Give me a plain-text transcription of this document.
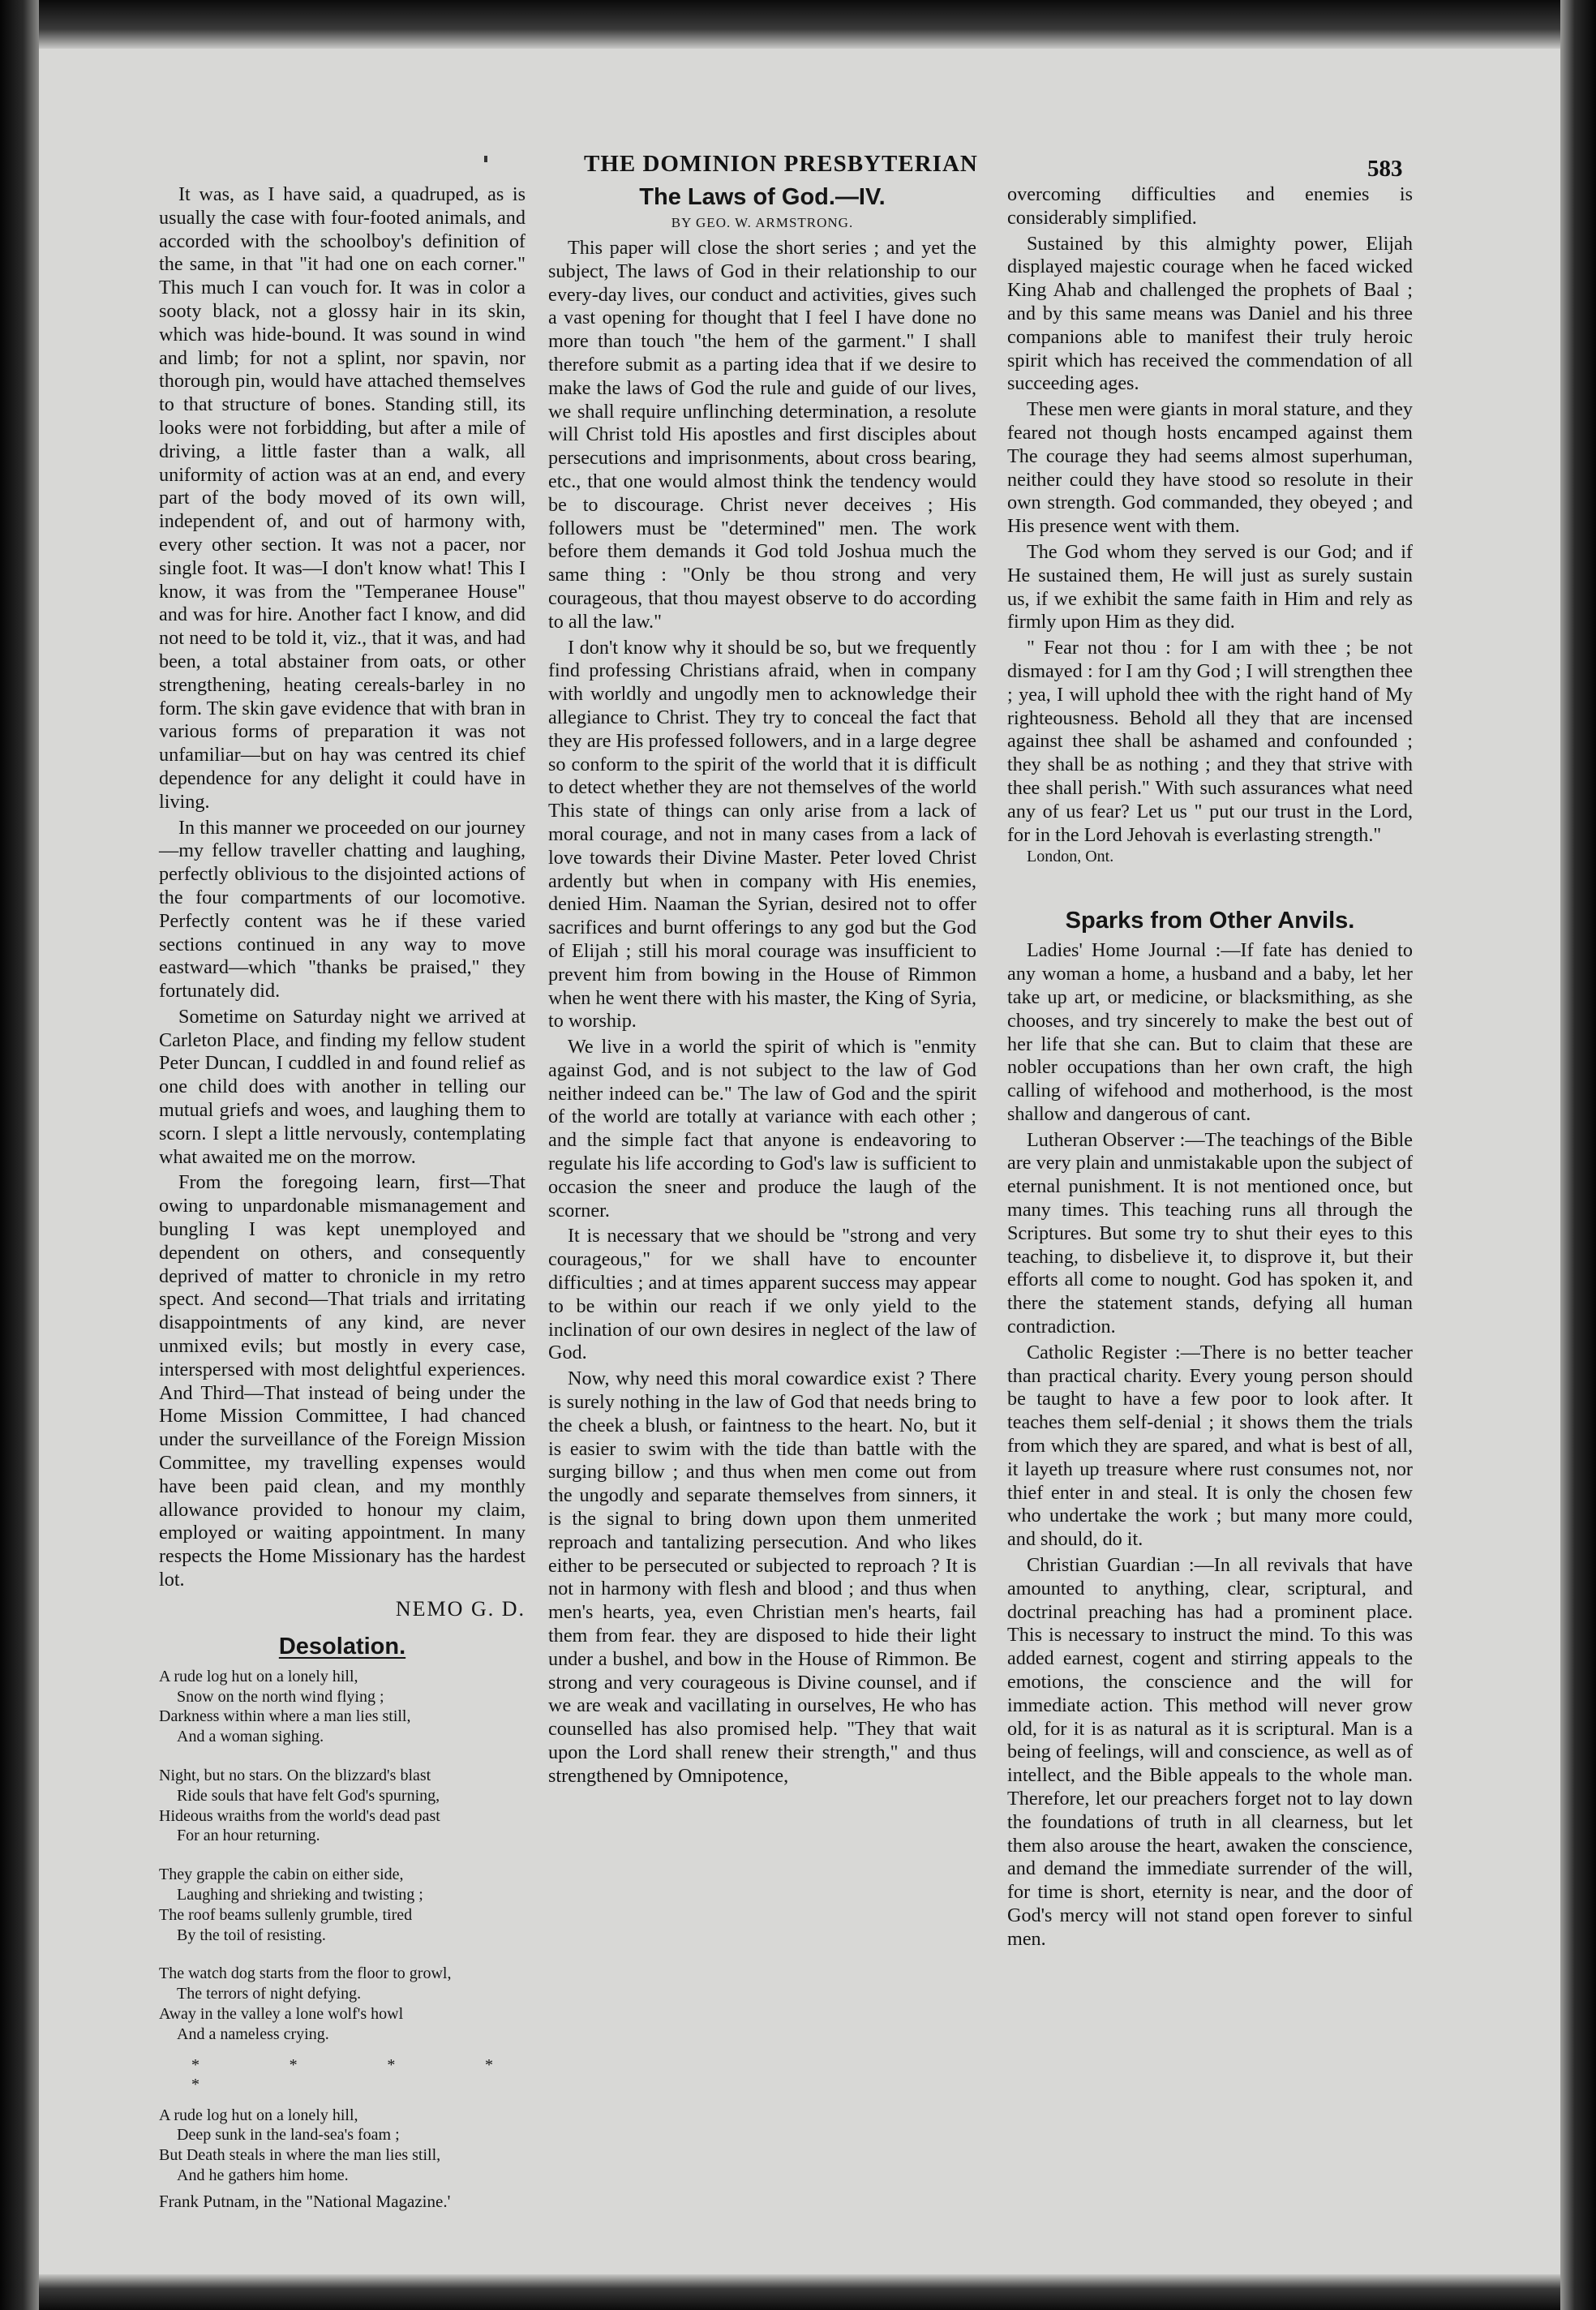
THE DOMINION PRESBYTERIAN	583

It was, as I have said, a quadruped, as is usually the case with four-footed animals, and accorded with the schoolboy's definition of the same, in that "it had one on each corner." This much I can vouch for. It was in color a sooty black, not a glossy hair in its skin, which was hide-bound. It was sound in wind and limb; for not a splint, nor spavin, nor thorough pin, would have attached themselves to that structure of bones. Standing still, its looks were not forbidding, but after a mile of driving, a little faster than a walk, all uniformity of action was at an end, and every part of the body moved of its own will, independent of, and out of harmony with, every other section. It was not a pacer, nor single foot. It was—I don't know what! This I know, it was from the "Temperanee House" and was for hire. Another fact I know, and did not need to be told it, viz., that it was, and had been, a total abstainer from oats, or other strengthening, heating cereals-barley in no form. The skin gave evidence that with bran in various forms of preparation it was not unfamiliar—but on hay was centred its chief dependence for any delight it could have in living.

In this manner we proceeded on our journey—my fellow traveller chatting and laughing, perfectly oblivious to the disjointed actions of the four compartments of our locomotive. Perfectly content was he if these varied sections continued in any way to move eastward—which "thanks be praised," they fortunately did.

Sometime on Saturday night we arrived at Carleton Place, and finding my fellow student Peter Duncan, I cuddled in and found relief as one child does with another in telling our mutual griefs and woes, and laughing them to scorn. I slept a little nervously, contemplating what awaited me on the morrow.

From the foregoing learn, first—That owing to unpardonable mismanagement and bungling I was kept unemployed and dependent on others, and consequently deprived of matter to chronicle in my retro spect. And second—That trials and irritating disappointments of any kind, are never unmixed evils; but mostly in every case, interspersed with most delightful experiences. And Third—That instead of being under the Home Mission Committee, I had chanced under the surveillance of the Foreign Mission Committee, my travelling expenses would have been paid clean, and my monthly allowance provided to honour my claim, employed or waiting appointment. In many respects the Home Missionary has the hardest lot.

NEMO G. D.
Desolation.
A rude log hut on a lonely hill,
Snow on the north wind flying ;
Darkness within where a man lies still,
And a woman sighing.
Night, but no stars. On the blizzard's blast
Ride souls that have felt God's spurning,
Hideous wraiths from the world's dead past
For an hour returning.
They grapple the cabin on either side,
Laughing and shrieking and twisting ;
The roof beams sullenly grumble, tired
By the toil of resisting.
The watch dog starts from the floor to growl,
The terrors of night defying.
Away in the valley a lone wolf's howl
And a nameless crying.
* * * * *
A rude log hut on a lonely hill,
Deep sunk in the land-sea's foam ;
But Death steals in where the man lies still,
And he gathers him home.
Frank Putnam, in the "National Magazine.'
The Laws of God.—IV.
BY GEO. W. ARMSTRONG.

This paper will close the short series ; and yet the subject, The laws of God in their relationship to our every-day lives, our conduct and activities, gives such a vast opening for thought that I feel I have done no more than touch "the hem of the garment." I shall therefore submit as a parting idea that if we desire to make the laws of God the rule and guide of our lives, we shall require unflinching determination, a resolute will Christ told His apostles and first disciples about persecutions and imprisonments, about cross bearing, etc., that one would almost think the tendency would be to discourage. Christ never deceives ; His followers must be "determined" men. The work before them demands it God told Joshua much the same thing : "Only be thou strong and very courageous, that thou mayest observe to do according to all the law."

I don't know why it should be so, but we frequently find professing Christians afraid, when in company with worldly and ungodly men to acknowledge their allegiance to Christ. They try to conceal the fact that they are His professed followers, and in a large degree so conform to the spirit of the world that it is difficult to detect whether they are not themselves of the world This state of things can only arise from a lack of moral courage, and not in many cases from a lack of love towards their Divine Master. Peter loved Christ ardently but when in company with His enemies, denied Him. Naaman the Syrian, desired not to offer sacrifices and burnt offerings to any god but the God of Elijah ; still his moral courage was insufficient to prevent him from bowing in the House of Rimmon when he went there with his master, the King of Syria, to worship.

We live in a world the spirit of which is "enmity against God, and is not subject to the law of God neither indeed can be." The law of God and the spirit of the world are totally at variance with each other ; and the simple fact that anyone is endeavoring to regulate his life according to God's law is sufficient to occasion the sneer and produce the laugh of the scorner.

It is necessary that we should be "strong and very courageous," for we shall have to encounter difficulties ; and at times apparent success may appear to be within our reach if we only yield to the inclination of our own desires in neglect of the law of God.

Now, why need this moral cowardice exist ? There is surely nothing in the law of God that needs bring to the cheek a blush, or faintness to the heart. No, but it is easier to swim with the tide than battle with the surging billow ; and thus when men come out from the ungodly and separate themselves from sinners, it is the signal to bring down upon them unmerited reproach and tantalizing persecution. And who likes either to be persecuted or subjected to reproach ? It is not in harmony with flesh and blood ; and thus when men's hearts, yea, even Christian men's hearts, fail them from fear. they are disposed to hide their light under a bushel, and bow in the House of Rimmon. Be strong and very courageous is Divine counsel, and if we are weak and vacillating in ourselves, He who has counselled has also promised help. "They that wait upon the Lord shall renew their strength," and thus strengthened by Omnipotence,

overcoming difficulties and enemies is considerably simplified.

Sustained by this almighty power, Elijah displayed majestic courage when he faced wicked King Ahab and challenged the prophets of Baal ; and by this same means was Daniel and his three companions able to manifest their truly heroic spirit which has received the commendation of all succeeding ages.

These men were giants in moral stature, and they feared not though hosts encamped against them The courage they had seems almost superhuman, neither could they have stood so resolute in their own strength. God commanded, they obeyed ; and His presence went with them.

The God whom they served is our God; and if He sustained them, He will just as surely sustain us, if we exhibit the same faith in Him and rely as firmly upon Him as they did.

" Fear not thou : for I am with thee ; be not dismayed : for I am thy God ; I will strengthen thee ; yea, I will uphold thee with the right hand of My righteousness. Behold all they that are incensed against thee shall be ashamed and confounded ; they shall be as nothing ; and they that strive with thee shall perish." With such assurances what need any of us fear? Let us " put our trust in the Lord, for in the Lord Jehovah is everlasting strength."

London, Ont.
Sparks from Other Anvils.

Ladies' Home Journal :—If fate has denied to any woman a home, a husband and a baby, let her take up art, or medicine, or blacksmithing, as she chooses, and try sincerely to make the best out of her life that she can. But to claim that these are nobler occupations than her own craft, the high calling of wifehood and motherhood, is the most shallow and dangerous of cant.

Lutheran Observer :—The teachings of the Bible are very plain and unmistakable upon the subject of eternal punishment. It is not mentioned once, but many times. This teaching runs all through the Scriptures. But some try to shut their eyes to this teaching, to disbelieve it, to disprove it, but their efforts all come to nought. God has spoken it, and there the statement stands, defying all human contradiction.

Catholic Register :—There is no better teacher than practical charity. Every young person should be taught to have a few poor to look after. It teaches them self-denial ; it shows them the trials from which they are spared, and what is best of all, it layeth up treasure where rust consumes not, nor thief enter in and steal. It is only the chosen few who undertake the work ; but many more could, and should, do it.

Christian Guardian :—In all revivals that have amounted to anything, clear, scriptural, and doctrinal preaching has had a prominent place. This is necessary to instruct the mind. To this was added earnest, cogent and stirring appeals to the emotions, the conscience and the will for immediate action. This method will never grow old, for it is as natural as it is scriptural. Man is a being of feelings, will and conscience, as well as of intellect, and the Bible appeals to the whole man. Therefore, let our preachers forget not to lay down the foundations of truth in all clearness, but let them also arouse the heart, awaken the conscience, and demand the immediate surrender of the will, for time is short, eternity is near, and the door of God's mercy will not stand open forever to sinful men.
